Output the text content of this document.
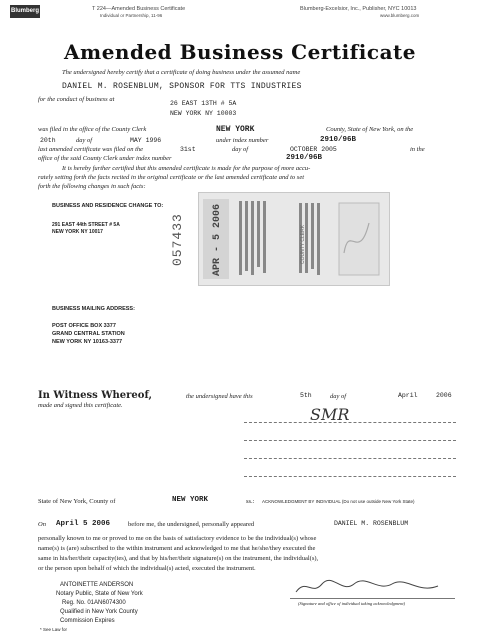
Blumberg	T 224—Amended Business Certificate
Individual or Partnership, 11-96
Blumberg-Excelsior, Inc., Publisher, NYC 10013
www.blumberg.com
Amended Business Certificate
The undersigned hereby certify that a certificate of doing business under the assumed name
DANIEL M. ROSENBLUM, SPONSOR FOR TTS INDUSTRIES
for the conduct of business at
26 EAST 13TH # 5A
NEW YORK NY 10003
was filed in the office of the County Clerk	NEW YORK	County, State of New York, on the
20th	day of	MAY 1996	under index number	2910/96B
last amended certificate was filed on the	31st	day of	OCTOBER 2005	in the
office of the said County Clerk under index number	2910/96B
It is hereby further certified that this amended certificate is made for the purpose of more accu-
rately setting forth the facts recited in the original certificate or the last amended certificate and to set
forth the following changes in such facts:
BUSINESS AND RESIDENCE CHANGE TO:
291 EAST 44th STREET # 5A
NEW YORK NY 10017	057433	APR - 5 2006	COUNTY CLERK
BUSINESS MAILING ADDRESS:
POST OFFICE BOX 3377
GRAND CENTRAL STATION
NEW YORK NY 10163-3377
In Witness Whereof,	the undersigned have this	5th	day of	April	2006
made and signed this certificate.	SMR
State of New York, County of	NEW YORK	ss.: ACKNOWLEDGMENT BY INDIVIDUAL (Do not use outside New York State)
On April 5 2006	before me, the undersigned, personally appeared	DANIEL M. ROSENBLUM
personally known to me or proved to me on the basis of satisfactory evidence to be the individual(s) whose
name(s) is (are) subscribed to the within instrument and acknowledged to me that he/she/they executed the
same in his/her/their capacity(ies), and that by his/her/their signature(s) on the instrument, the individual(s),
or the person upon behalf of which the individual(s) acted, executed the instrument.
ANTOINETTE ANDERSON
Notary Public, State of New York
Reg. No. 01AN6074300
Qualified in New York County
Commission Expires
* See Law for
(Signature and office of individual taking acknowledgment)
